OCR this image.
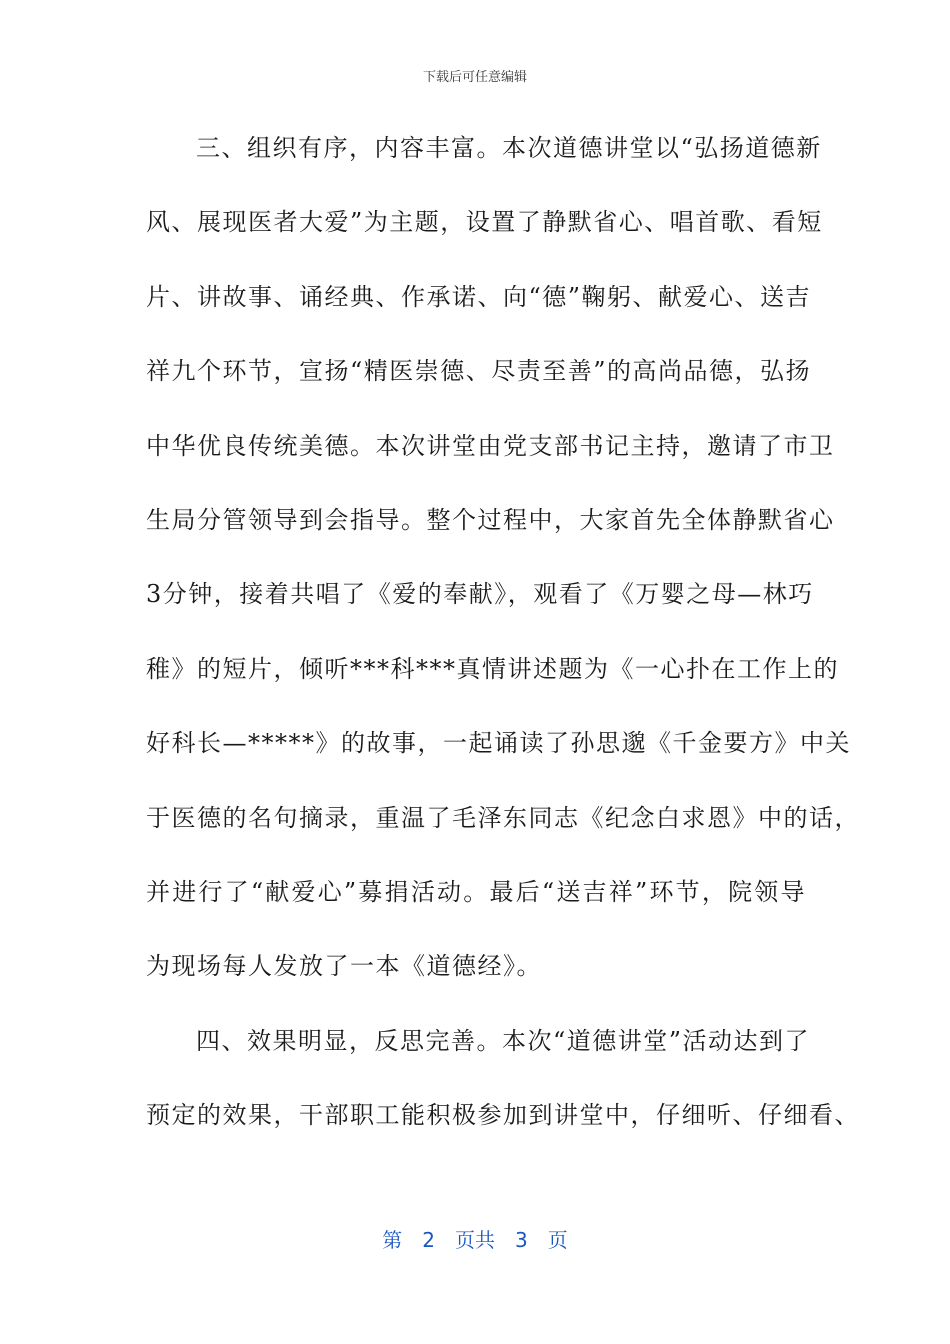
下载后可任意编辑
三、组织有序，内容丰富。本次道德讲堂以“弘扬道德新
风、展现医者大爱”为主题，设置了静默省心、唱首歌、看短
片、讲故事、诵经典、作承诺、向“德”鞠躬、献爱心、送吉
祥九个环节，宣扬“精医崇德、尽责至善”的高尚品德，弘扬
中华优良传统美德。本次讲堂由党支部书记主持，邀请了市卫
生局分管领导到会指导。整个过程中，大家首先全体静默省心
3分钟，接着共唱了《爱的奉献》，观看了《万婴之母—林巧
稚》的短片，倾听***科***真情讲述题为《一心扑在工作上的
好科长—*****》的故事，一起诵读了孙思邈《千金要方》中关
于医德的名句摘录，重温了毛泽东同志《纪念白求恩》中的话，
并进行了“献爱心”募捐活动。最后“送吉祥”环节，院领导
为现场每人发放了一本《道德经》。
四、效果明显，反思完善。本次“道德讲堂”活动达到了
预定的效果，干部职工能积极参加到讲堂中，仔细听、仔细看、
第 2 页共 3 页
